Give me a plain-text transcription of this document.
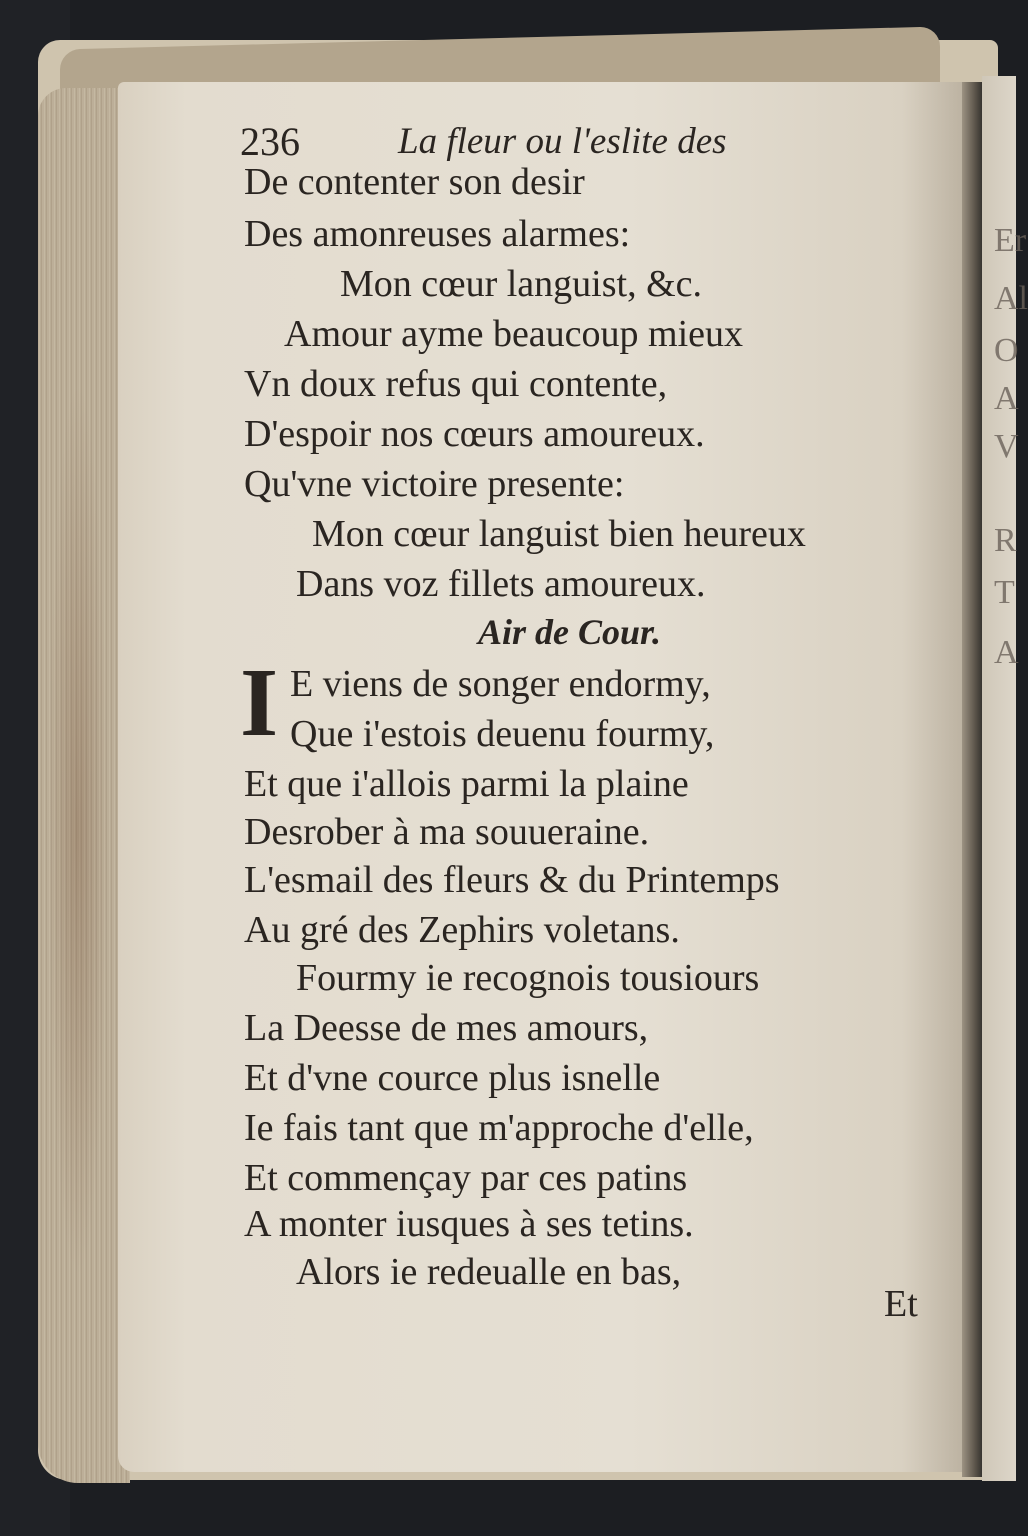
Er
Al
O
A
V
R
T
A
236	La fleur ou l'eslite des
De contenter son desir
Des amonreuses alarmes:
Mon cœur languist, &c.
Amour ayme beaucoup mieux
Vn doux refus qui contente,
D'espoir nos cœurs amoureux.
Qu'vne victoire presente:
Mon cœur languist bien heureux
Dans voz fillets amoureux.
Air de Cour.
I E viens de songer endormy,
Que i'estois deuenu fourmy,
Et que i'allois parmi la plaine
Desrober à ma souueraine.
L'esmail des fleurs & du Printemps
Au gré des Zephirs voletans.
Fourmy ie recognois tousiours
La Deesse de mes amours,
Et d'vne cource plus isnelle
Ie fais tant que m'approche d'elle,
Et commençay par ces patins
A monter iusques à ses tetins.
Alors ie redeualle en bas,
Et
